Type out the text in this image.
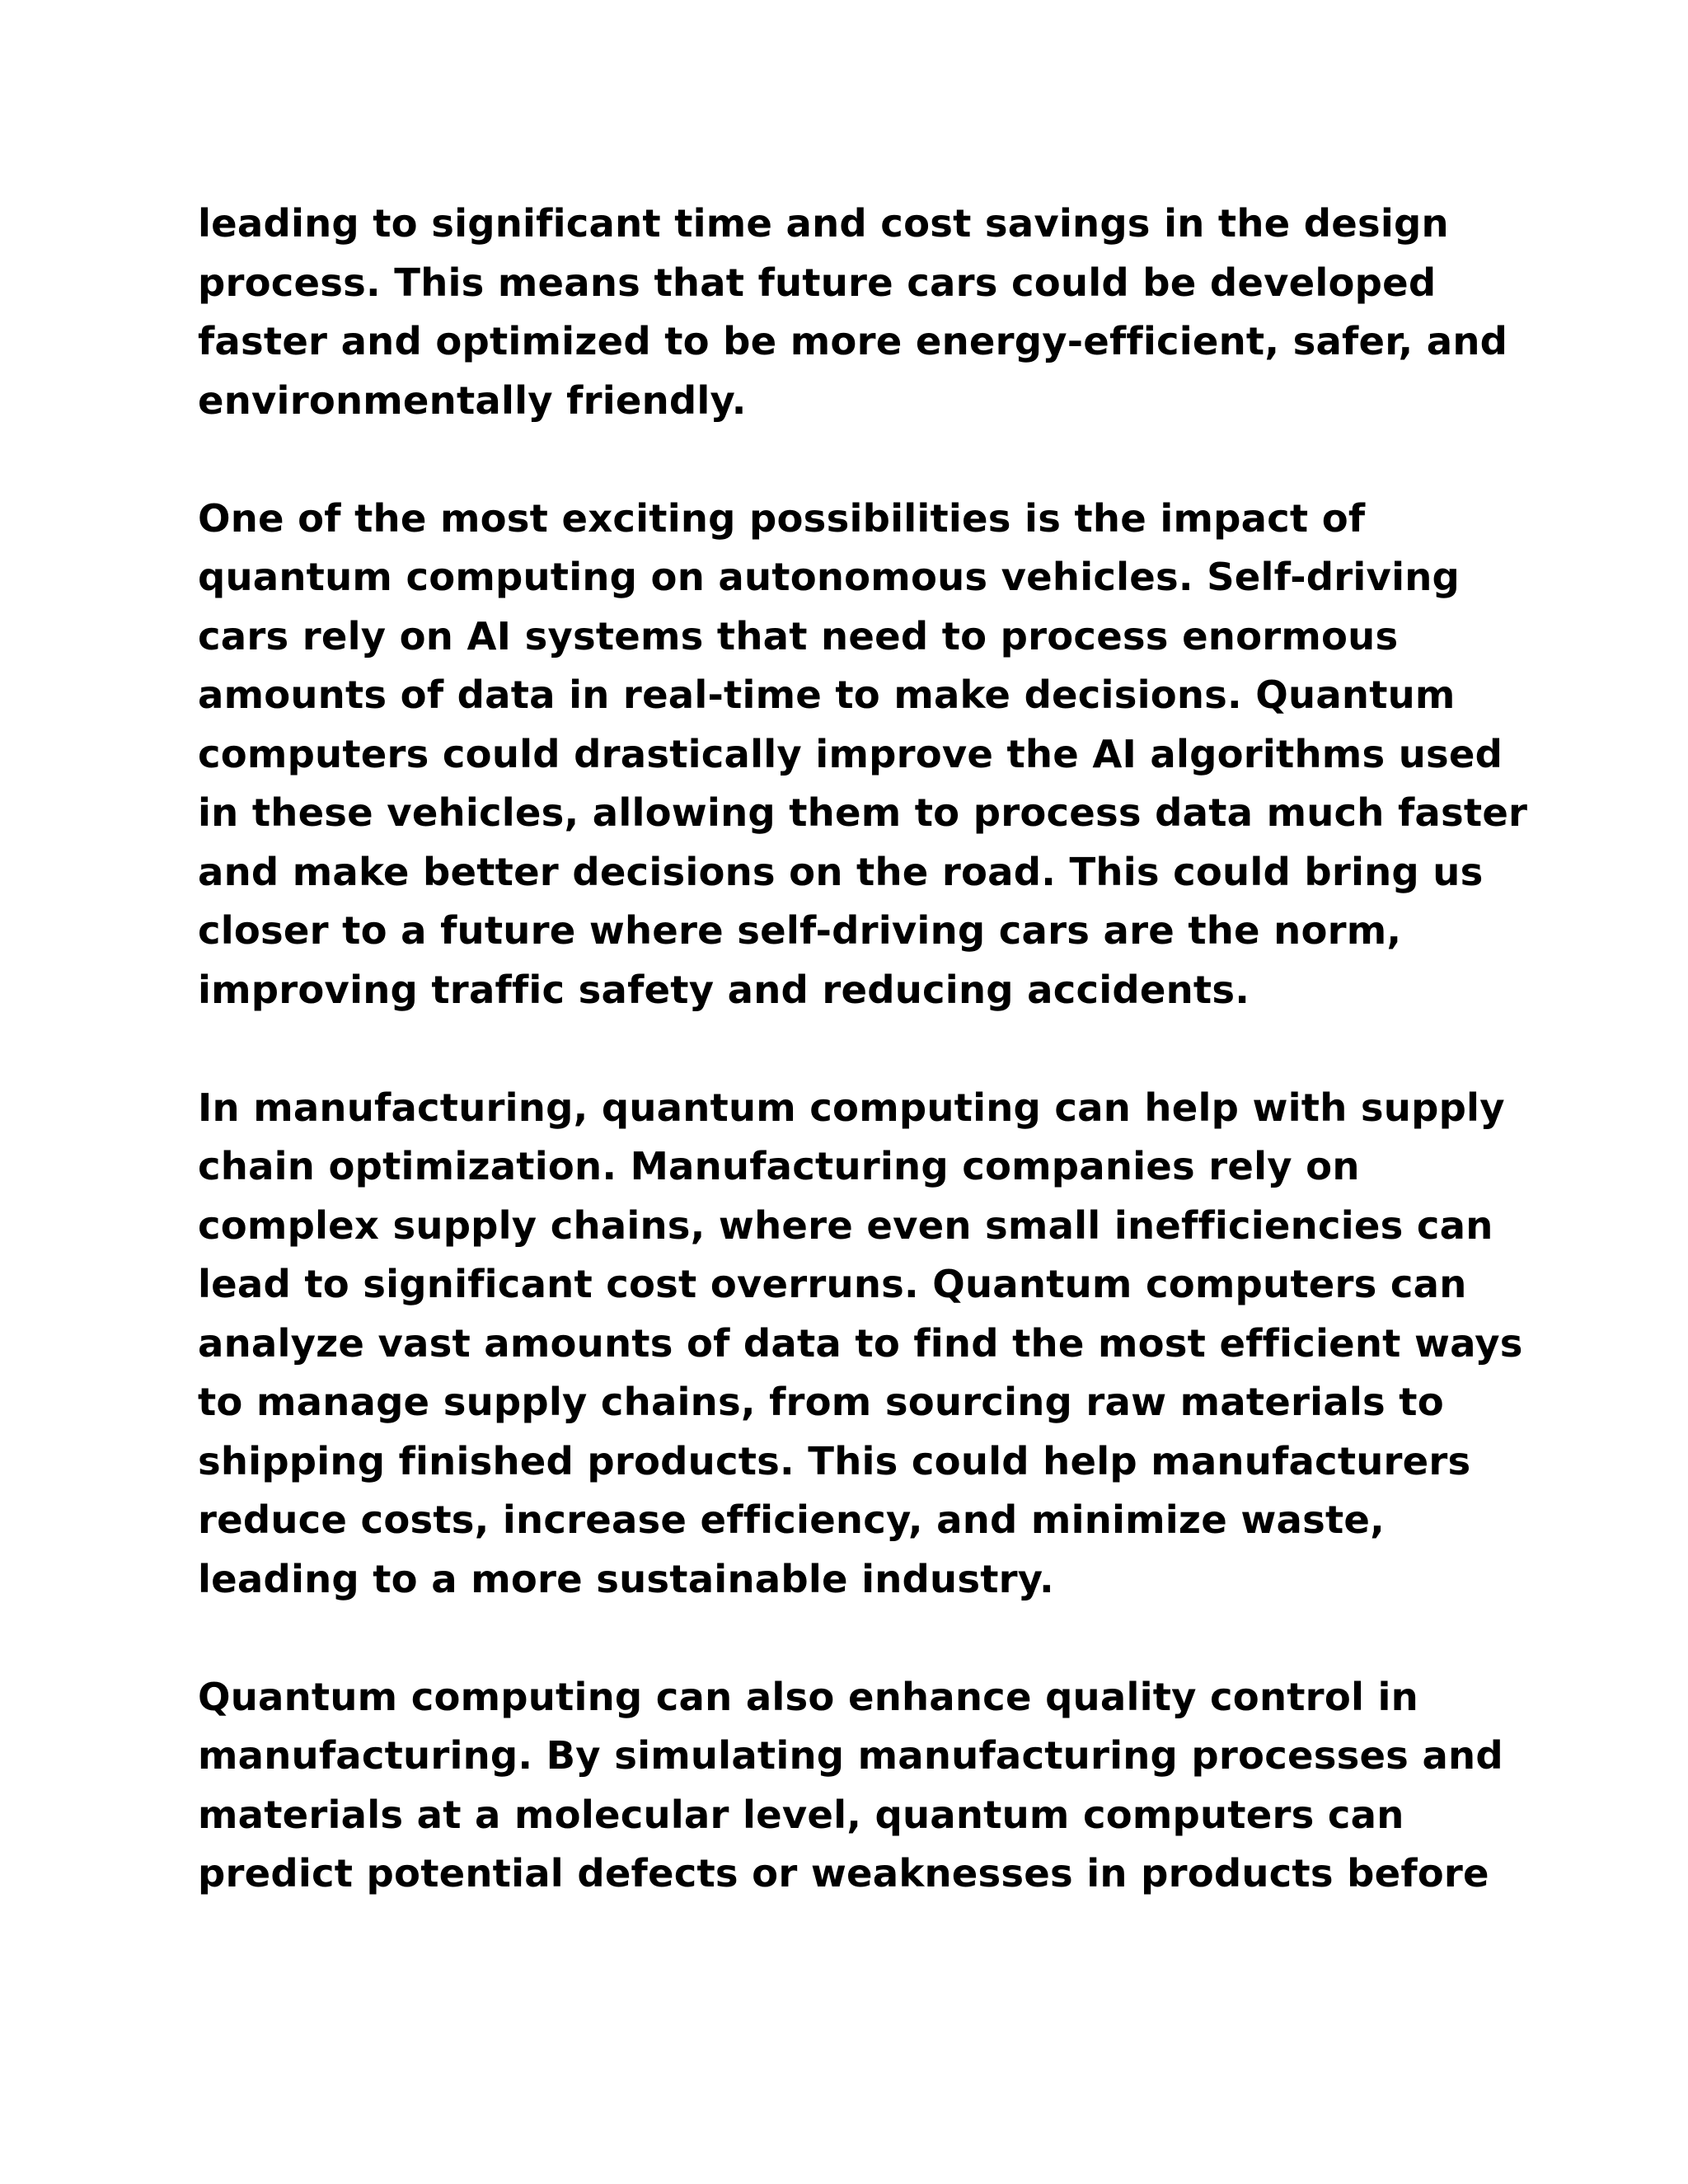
leading to significant time and cost savings in the design
process. This means that future cars could be developed
faster and optimized to be more energy-efficient, safer, and
environmentally friendly.

One of the most exciting possibilities is the impact of
quantum computing on autonomous vehicles. Self-driving
cars rely on AI systems that need to process enormous
amounts of data in real-time to make decisions. Quantum
computers could drastically improve the AI algorithms used
in these vehicles, allowing them to process data much faster
and make better decisions on the road. This could bring us
closer to a future where self-driving cars are the norm,
improving traffic safety and reducing accidents.

In manufacturing, quantum computing can help with supply
chain optimization. Manufacturing companies rely on
complex supply chains, where even small inefficiencies can
lead to significant cost overruns. Quantum computers can
analyze vast amounts of data to find the most efficient ways
to manage supply chains, from sourcing raw materials to
shipping finished products. This could help manufacturers
reduce costs, increase efficiency, and minimize waste,
leading to a more sustainable industry.

Quantum computing can also enhance quality control in
manufacturing. By simulating manufacturing processes and
materials at a molecular level, quantum computers can
predict potential defects or weaknesses in products before
